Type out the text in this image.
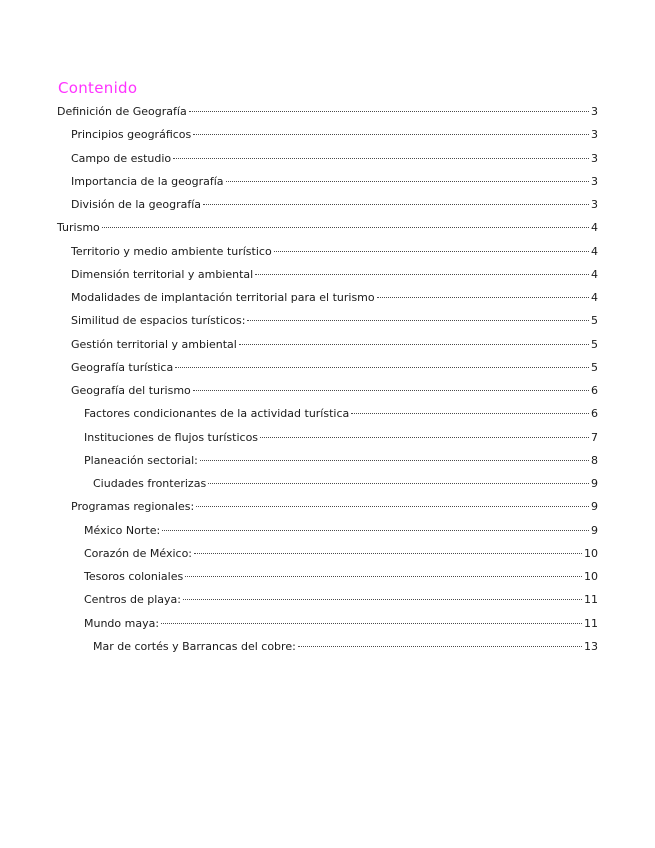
Contenido
Definición de Geografía	3
Principios geográficos	3
Campo de estudio	3
Importancia de la geografía	3
División de la geografía	3
Turismo	4
Territorio y medio ambiente turístico	4
Dimensión territorial y ambiental	4
Modalidades de implantación territorial para el turismo	4
Similitud de espacios turísticos:	5
Gestión territorial y ambiental	5
Geografía turística	5
Geografía del turismo	6
Factores condicionantes de la actividad turística	6
Instituciones de flujos turísticos	7
Planeación sectorial:	8
Ciudades fronterizas	9
Programas regionales:	9
México Norte:	9
Corazón de México:	10
Tesoros coloniales	10
Centros de playa:	11
Mundo maya:	11
Mar de cortés y Barrancas del cobre:	13
